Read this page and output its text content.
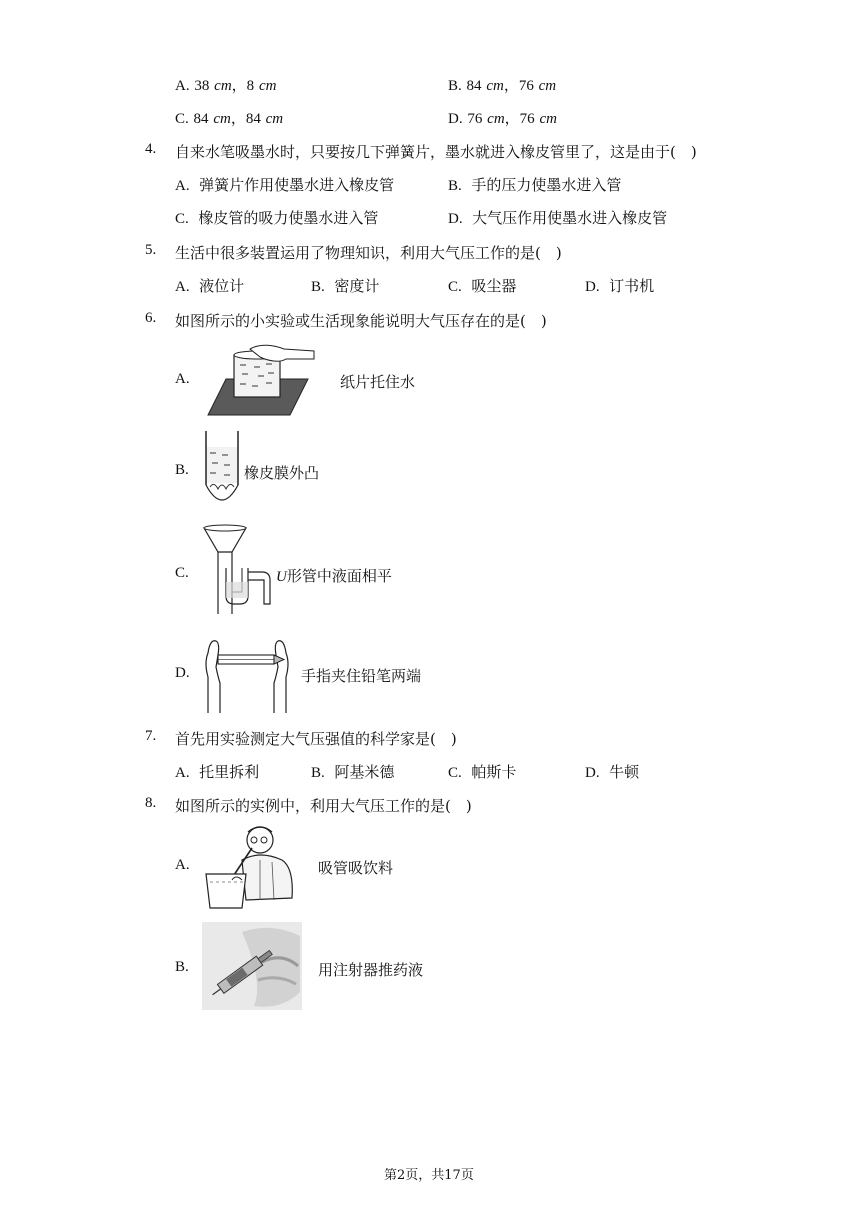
A. 38 cm，8 cm	B. 84 cm，76 cm
C. 84 cm，84 cm	D. 76 cm，76 cm
4. 自来水笔吸墨水时，只要按几下弹簧片，墨水就进入橡皮管里了，这是由于( )
A. 弹簧片作用使墨水进入橡皮管	B. 手的压力使墨水进入管
C. 橡皮管的吸力使墨水进入管	D. 大气压作用使墨水进入橡皮管
5. 生活中很多装置运用了物理知识，利用大气压工作的是( )
A. 液位计	B. 密度计	C. 吸尘器	D. 订书机
6. 如图所示的小实验或生活现象能说明大气压存在的是( )
A.	纸片托住水
B.	橡皮膜外凸
C.	U形管中液面相平
D.	手指夹住铅笔两端
7. 首先用实验测定大气压强值的科学家是( )
A. 托里拆利	B. 阿基米德	C. 帕斯卡	D. 牛顿
8. 如图所示的实例中，利用大气压工作的是( )
A.	吸管吸饮料
B.	用注射器推药液
第2页，共17页
